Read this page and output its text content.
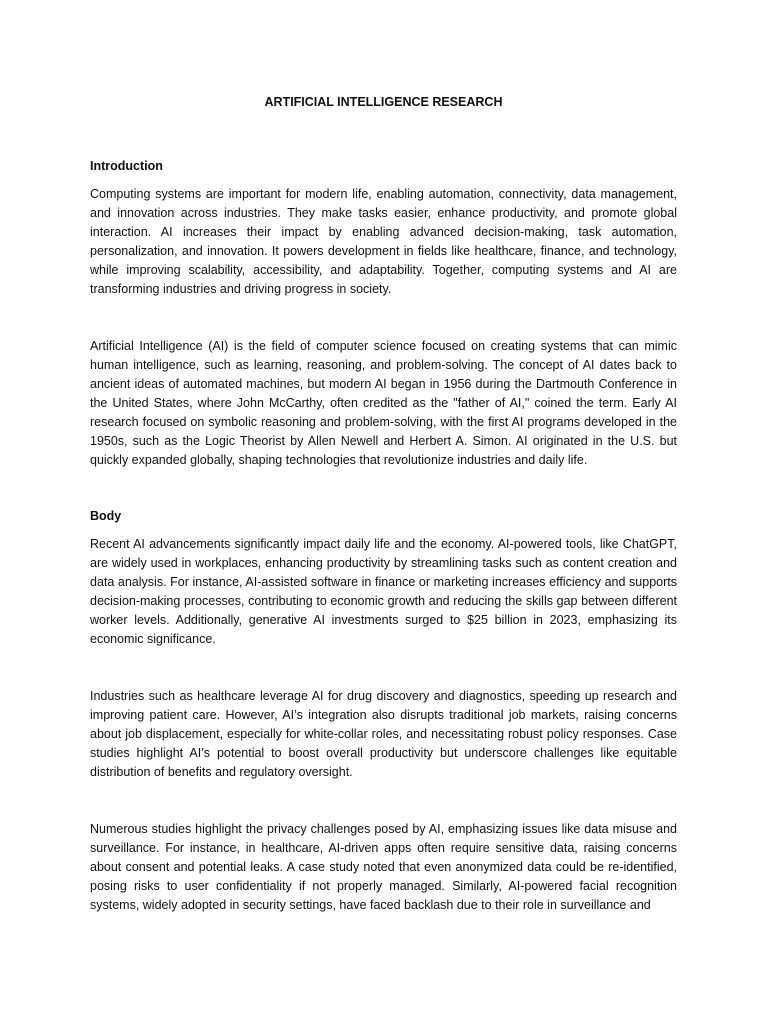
ARTIFICIAL INTELLIGENCE RESEARCH
Introduction

Computing systems are important for modern life, enabling automation, connectivity, data management, and innovation across industries. They make tasks easier, enhance productivity, and promote global interaction. AI increases their impact by enabling advanced decision-making, task automation, personalization, and innovation. It powers development in fields like healthcare, finance, and technology, while improving scalability, accessibility, and adaptability. Together, computing systems and AI are transforming industries and driving progress in society.

Artificial Intelligence (AI) is the field of computer science focused on creating systems that can mimic human intelligence, such as learning, reasoning, and problem-solving. The concept of AI dates back to ancient ideas of automated machines, but modern AI began in 1956 during the Dartmouth Conference in the United States, where John McCarthy, often credited as the "father of AI," coined the term. Early AI research focused on symbolic reasoning and problem-solving, with the first AI programs developed in the 1950s, such as the Logic Theorist by Allen Newell and Herbert A. Simon. AI originated in the U.S. but quickly expanded globally, shaping technologies that revolutionize industries and daily life.

Body

Recent AI advancements significantly impact daily life and the economy. AI-powered tools, like ChatGPT, are widely used in workplaces, enhancing productivity by streamlining tasks such as content creation and data analysis. For instance, AI-assisted software in finance or marketing increases efficiency and supports decision-making processes, contributing to economic growth and reducing the skills gap between different worker levels. Additionally, generative AI investments surged to $25 billion in 2023, emphasizing its economic significance.

Industries such as healthcare leverage AI for drug discovery and diagnostics, speeding up research and improving patient care. However, AI’s integration also disrupts traditional job markets, raising concerns about job displacement, especially for white-collar roles, and necessitating robust policy responses. Case studies highlight AI’s potential to boost overall productivity but underscore challenges like equitable distribution of benefits and regulatory oversight.

Numerous studies highlight the privacy challenges posed by AI, emphasizing issues like data misuse and surveillance. For instance, in healthcare, AI-driven apps often require sensitive data, raising concerns about consent and potential leaks. A case study noted that even anonymized data could be re-identified, posing risks to user confidentiality if not properly managed. Similarly, AI-powered facial recognition systems, widely adopted in security settings, have faced backlash due to their role in surveillance and
